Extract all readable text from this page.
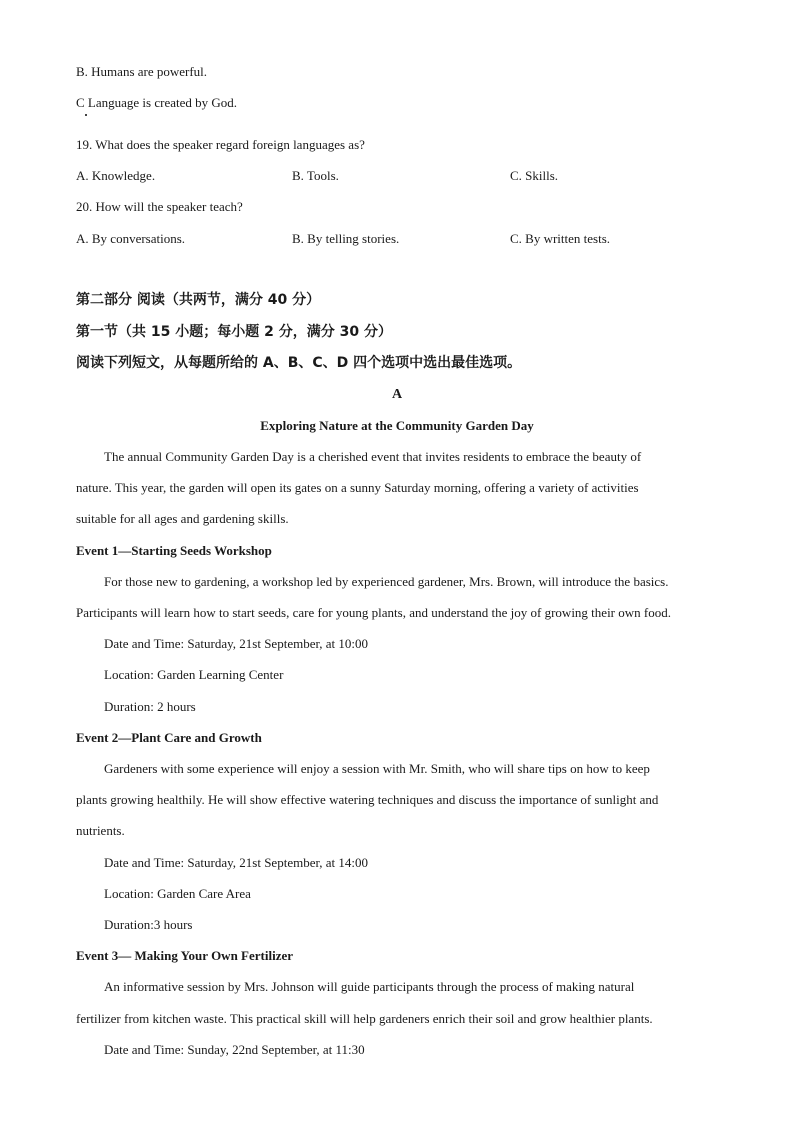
B. Humans are powerful.
C Language is created by God.
19. What does the speaker regard foreign languages as?
A. Knowledge.	B. Tools.	C. Skills.
20. How will the speaker teach?
A. By conversations.	B. By telling stories.	C. By written tests.
第二部分 阅读（共两节，满分 40 分）
第一节（共 15 小题；每小题 2 分，满分 30 分）
阅读下列短文，从每题所给的 A、B、C、D 四个选项中选出最佳选项。
A
Exploring Nature at the Community Garden Day
The annual Community Garden Day is a cherished event that invites residents to embrace the beauty of
nature. This year, the garden will open its gates on a sunny Saturday morning, offering a variety of activities
suitable for all ages and gardening skills.
Event 1—Starting Seeds Workshop
For those new to gardening, a workshop led by experienced gardener, Mrs. Brown, will introduce the basics.
Participants will learn how to start seeds, care for young plants, and understand the joy of growing their own food.
Date and Time: Saturday, 21st September, at 10:00
Location: Garden Learning Center
Duration: 2 hours
Event 2—Plant Care and Growth
Gardeners with some experience will enjoy a session with Mr. Smith, who will share tips on how to keep
plants growing healthily. He will show effective watering techniques and discuss the importance of sunlight and
nutrients.
Date and Time: Saturday, 21st September, at 14:00
Location: Garden Care Area
Duration:3 hours
Event 3— Making Your Own Fertilizer
An informative session by Mrs. Johnson will guide participants through the process of making natural
fertilizer from kitchen waste. This practical skill will help gardeners enrich their soil and grow healthier plants.
Date and Time: Sunday, 22nd September, at 11:30
